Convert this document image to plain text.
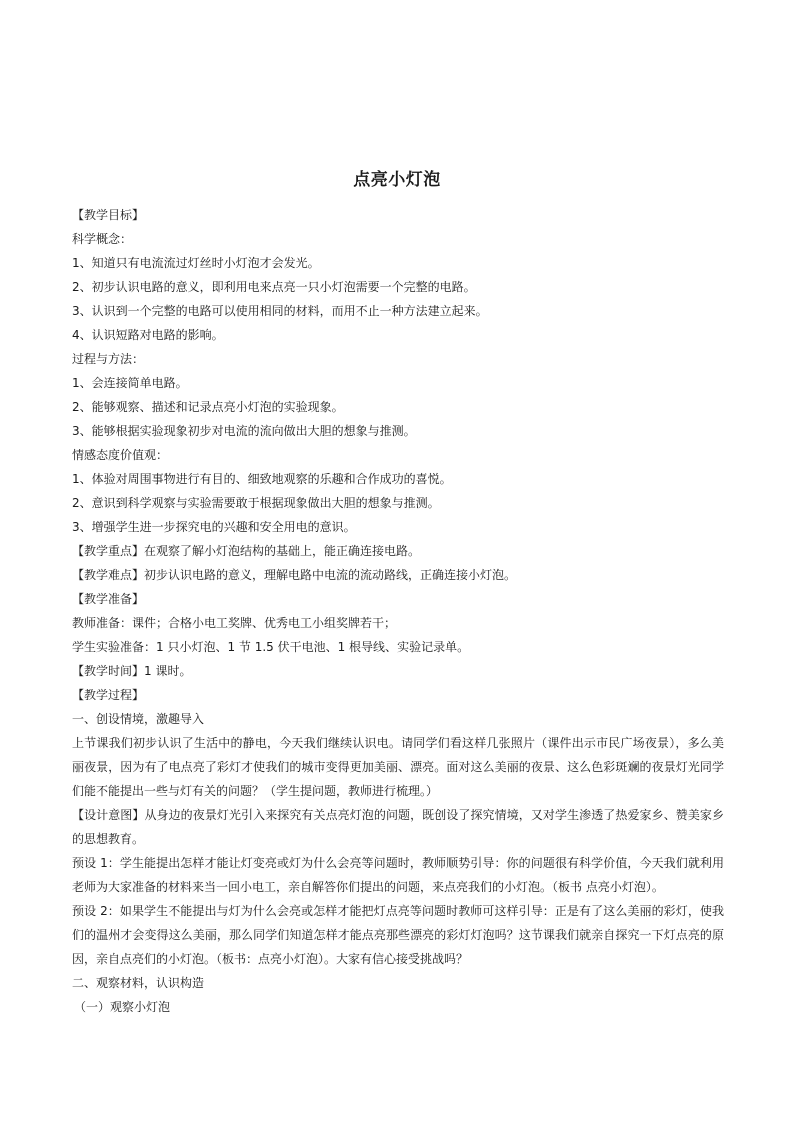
点亮小灯泡
【教学目标】
科学概念：
1、知道只有电流流过灯丝时小灯泡才会发光。
2、初步认识电路的意义，即利用电来点亮一只小灯泡需要一个完整的电路。
3、认识到一个完整的电路可以使用相同的材料，而用不止一种方法建立起来。
4、认识短路对电路的影响。
过程与方法：
1、会连接简单电路。
2、能够观察、描述和记录点亮小灯泡的实验现象。
3、能够根据实验现象初步对电流的流向做出大胆的想象与推测。
情感态度价值观：
1、体验对周围事物进行有目的、细致地观察的乐趣和合作成功的喜悦。
2、意识到科学观察与实验需要敢于根据现象做出大胆的想象与推测。
3、增强学生进一步探究电的兴趣和安全用电的意识。
【教学重点】在观察了解小灯泡结构的基础上，能正确连接电路。
【教学难点】初步认识电路的意义，理解电路中电流的流动路线，正确连接小灯泡。
【教学准备】
教师准备：课件；合格小电工奖牌、优秀电工小组奖牌若干；
学生实验准备：1 只小灯泡、1 节 1.5 伏干电池、1 根导线、实验记录单。
【教学时间】1 课时。
【教学过程】
一、创设情境，激趣导入
上节课我们初步认识了生活中的静电，今天我们继续认识电。请同学们看这样几张照片（课件出示市民广场夜景），多么美丽夜景，因为有了电点亮了彩灯才使我们的城市变得更加美丽、漂亮。面对这么美丽的夜景、这么色彩斑斓的夜景灯光同学们能不能提出一些与灯有关的问题？（学生提问题，教师进行梳理。）
【设计意图】从身边的夜景灯光引入来探究有关点亮灯泡的问题，既创设了探究情境，又对学生渗透了热爱家乡、赞美家乡的思想教育。
预设 1：学生能提出怎样才能让灯变亮或灯为什么会亮等问题时，教师顺势引导：你的问题很有科学价值，今天我们就利用老师为大家准备的材料来当一回小电工，亲自解答你们提出的问题，来点亮我们的小灯泡。（板书 点亮小灯泡）。
预设 2：如果学生不能提出与灯为什么会亮或怎样才能把灯点亮等问题时教师可这样引导：正是有了这么美丽的彩灯，使我们的温州才会变得这么美丽，那么同学们知道怎样才能点亮那些漂亮的彩灯灯泡吗？这节课我们就亲自探究一下灯点亮的原因，亲自点亮们的小灯泡。（板书：点亮小灯泡）。大家有信心接受挑战吗？
二、观察材料，认识构造
（一）观察小灯泡
